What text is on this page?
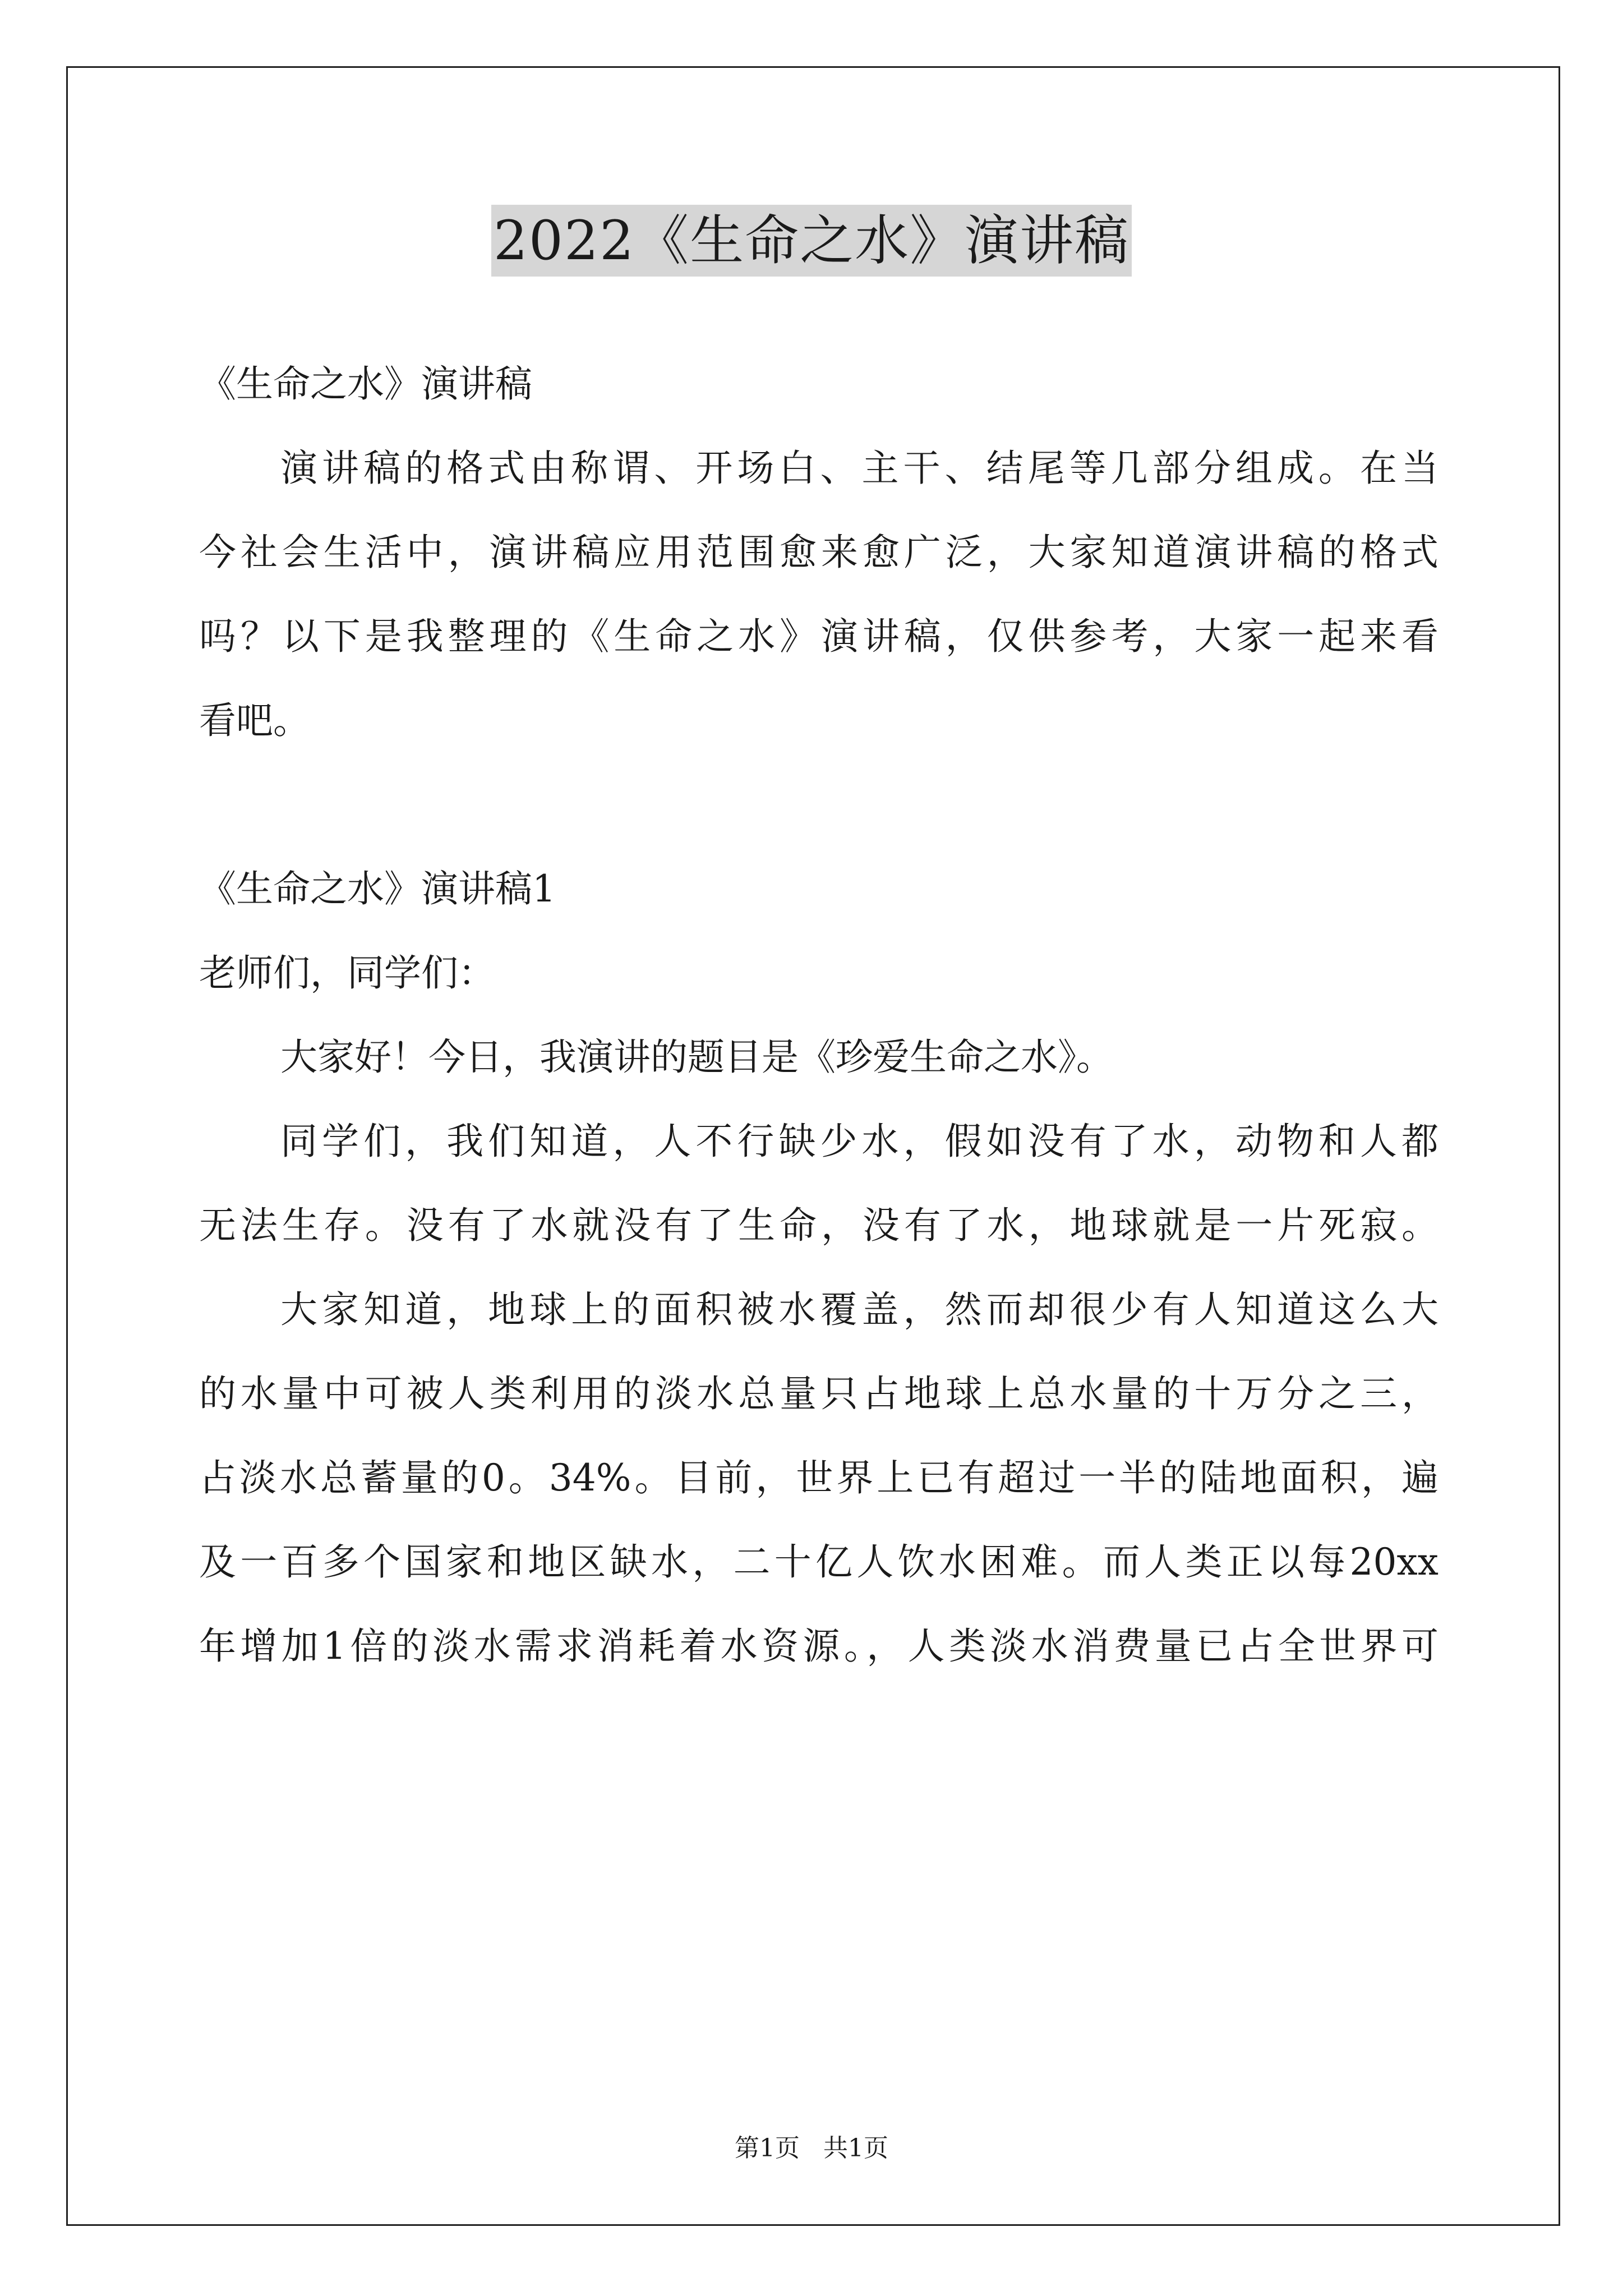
2022《生命之水》演讲稿

《生命之水》演讲稿

演讲稿的格式由称谓、开场白、主干、结尾等几部分组成。在当

今社会生活中，演讲稿应用范围愈来愈广泛，大家知道演讲稿的格式

吗？以下是我整理的《生命之水》演讲稿，仅供参考，大家一起来看

看吧。

《生命之水》演讲稿1

老师们，同学们：

大家好！今日，我演讲的题目是《珍爱生命之水》。

同学们，我们知道，人不行缺少水，假如没有了水，动物和人都

无法生存。没有了水就没有了生命，没有了水，地球就是一片死寂。

大家知道，地球上的面积被水覆盖，然而却很少有人知道这么大

的水量中可被人类利用的淡水总量只占地球上总水量的十万分之三，

占淡水总蓄量的0。34%。目前，世界上已有超过一半的陆地面积，遍

及一百多个国家和地区缺水，二十亿人饮水困难。而人类正以每20xx

年增加1倍的淡水需求消耗着水资源。，人类淡水消费量已占全世界可

第1页 共1页
